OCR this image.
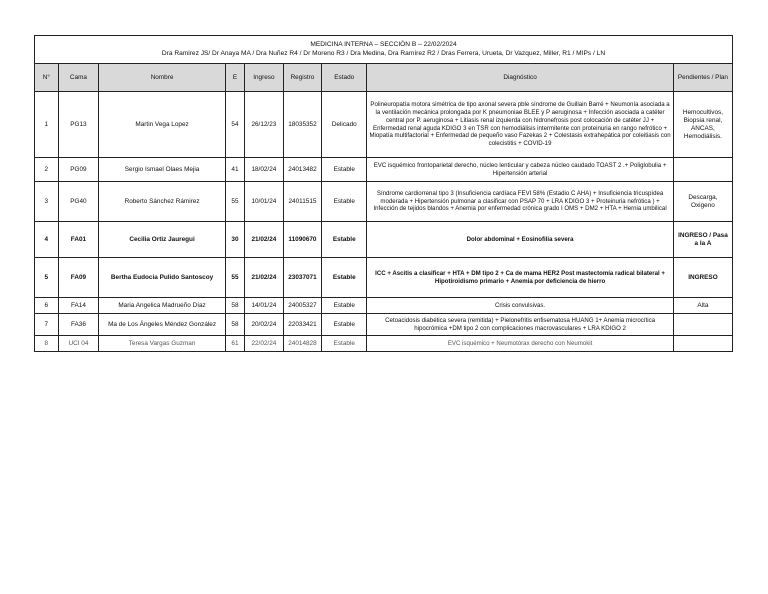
MEDICINA INTERNA – SECCIÓN B – 22/02/2024
Dra Ramirez JS/ Dr Anaya MA / Dra Nuñez R4 / Dr Moreno R3 / Dra Medina, Dra Ramírez R2 / Dras Ferrera, Urueta, Dr Vazquez, Miller, R1 / MIPs / LN								

N°	Cama	Nombre	E	Ingreso	Registro	Estado	Diagnóstico	Pendientes / Plan
1	PG13	Martin Vega Lopez	54	26/12/23	18035352	Delicado	Polineuropatía motora simétrica de tipo axonal severa pble síndrome de Guillain Barré + Neumonía asociada a la ventilación mecánica prolongada por K pneumoniae BLEE y P aeruginosa + Infección asociada a catéter central por P. aeruginosa + Litiasis renal izquierda con hidronefrosis post colocación de catéter JJ + Enfermedad renal aguda KDIGO 3 en TSR con hemodiálisis intermitente con proteinuria en rango nefrótico + Miopatía multifactorial + Enfermedad de pequeño vaso Fazekas 2 + Colestasis extrahepática por coleitiasis con colecistitis + COVID-19	Hemocultivos, Biopsia renal, ANCAS, Hemodiálisis.
2	PG09	Sergio Ismael Olaes Mejia	41	18/02/24	24013482	Estable	EVC isquémico frontoparietal derecho, núcleo lenticular y cabeza núcleo caudado TOAST 2 .+ Poliglobulia + Hipertensión arterial	
3	PG40	Roberto Sánchez Rámirez	55	10/01/24	24011515	Estable	Síndrome cardiorrenal tipo 3 (Insuficiencia cardíaca FEVI 58% (Estadio C AHA) + Insuficiencia tricuspídea moderada + Hipertensión pulmonar a clasificar con PSAP 70 + LRA KDIGO 3 + Proteinuria nefrótica ) + Infección de tejidos blandos + Anemia por enfermedad crónica grado I OMS + DM2 + HTA + Hernia umbilical	Descarga, Oxigeno
4	FA01	Cecilia Ortiz Jauregui	30	21/02/24	11090670	Estable	Dolor abdominal + Eosinofilia severa	INGRESO / Pasa a la A
5	FA09	Bertha Eudocia Pulido Santoscoy	55	21/02/24	23037071	Estable	ICC + Ascitis a clasificar + HTA + DM tipo 2 + Ca de mama HER2 Post mastectomía radical bilateral + Hipotiroidismo primario + Anemia por deficiencia de hierro	INGRESO
6	FA14	Maria Angelica Madrueño Díaz	58	14/01/24	24005327	Estable	Crisis convulsivas.	Alta
7	FA36	Ma de Los Ángeles Méndez González	58	20/02/24	22033421	Estable	Cetoacidosis diabética severa (remitida) + Pielonefritis enfisematosa HUANG 1+ Anemia microcítica hipocrómica +DM tipo 2 con complicaciones macrovasculares + LRA KDIGO 2	
8	UCI 04	Teresa Vargas Guzman	61	22/02/24	24014828	Estable	EVC isquémico + Neumotórax derecho con Neumokit	
